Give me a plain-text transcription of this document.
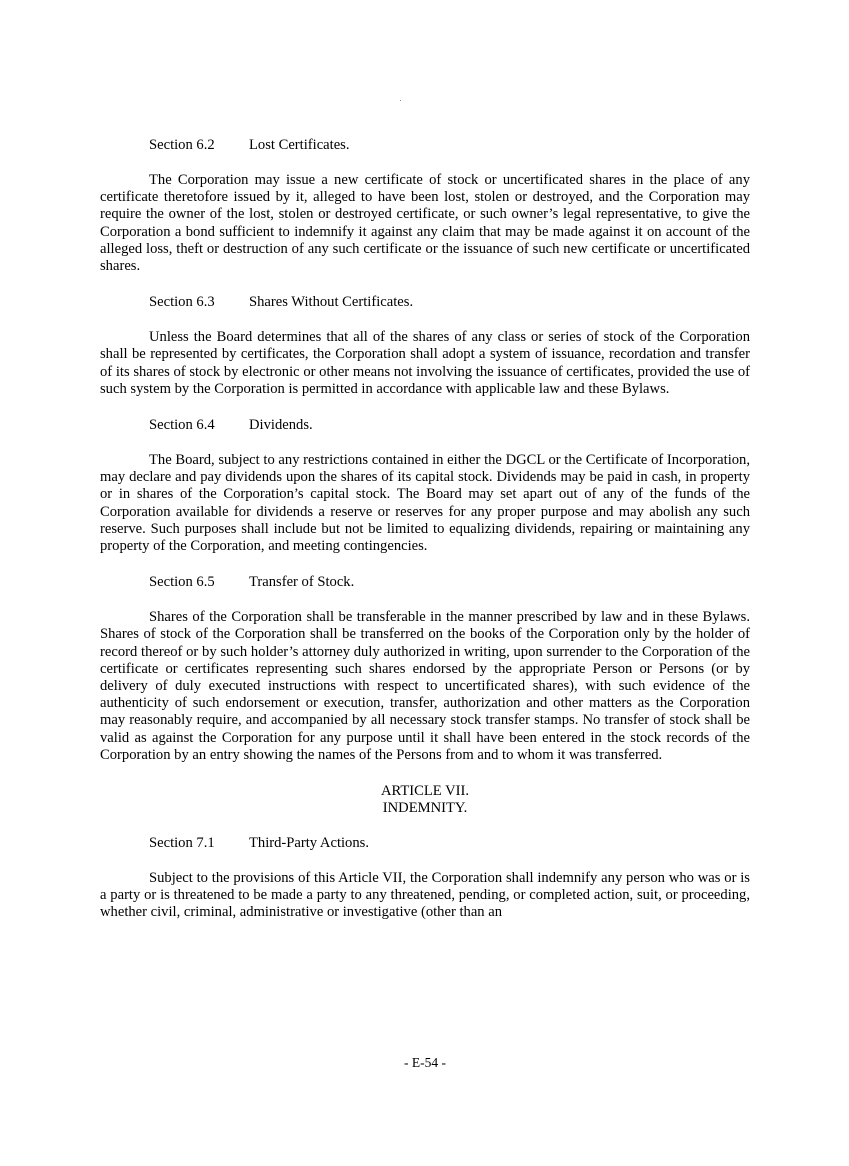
Section 6.2 Lost Certificates.

The Corporation may issue a new certificate of stock or uncertificated shares in the place of any certificate theretofore issued by it, alleged to have been lost, stolen or destroyed, and the Corporation may require the owner of the lost, stolen or destroyed certificate, or such owner’s legal representative, to give the Corporation a bond sufficient to indemnify it against any claim that may be made against it on account of the alleged loss, theft or destruction of any such certificate or the issuance of such new certificate or uncertificated shares.

Section 6.3 Shares Without Certificates.

Unless the Board determines that all of the shares of any class or series of stock of the Corporation shall be represented by certificates, the Corporation shall adopt a system of issuance, recordation and transfer of its shares of stock by electronic or other means not involving the issuance of certificates, provided the use of such system by the Corporation is permitted in accordance with applicable law and these Bylaws.

Section 6.4 Dividends.

The Board, subject to any restrictions contained in either the DGCL or the Certificate of Incorporation, may declare and pay dividends upon the shares of its capital stock. Dividends may be paid in cash, in property or in shares of the Corporation’s capital stock. The Board may set apart out of any of the funds of the Corporation available for dividends a reserve or reserves for any proper purpose and may abolish any such reserve. Such purposes shall include but not be limited to equalizing dividends, repairing or maintaining any property of the Corporation, and meeting contingencies.

Section 6.5 Transfer of Stock.

Shares of the Corporation shall be transferable in the manner prescribed by law and in these Bylaws. Shares of stock of the Corporation shall be transferred on the books of the Corporation only by the holder of record thereof or by such holder’s attorney duly authorized in writing, upon surrender to the Corporation of the certificate or certificates representing such shares endorsed by the appropriate Person or Persons (or by delivery of duly executed instructions with respect to uncertificated shares), with such evidence of the authenticity of such endorsement or execution, transfer, authorization and other matters as the Corporation may reasonably require, and accompanied by all necessary stock transfer stamps. No transfer of stock shall be valid as against the Corporation for any purpose until it shall have been entered in the stock records of the Corporation by an entry showing the names of the Persons from and to whom it was transferred.

ARTICLE VII.
INDEMNITY.
Section 7.1 Third-Party Actions.

Subject to the provisions of this Article VII, the Corporation shall indemnify any person who was or is a party or is threatened to be made a party to any threatened, pending, or completed action, suit, or proceeding, whether civil, criminal, administrative or investigative (other than an

- E-54 -
